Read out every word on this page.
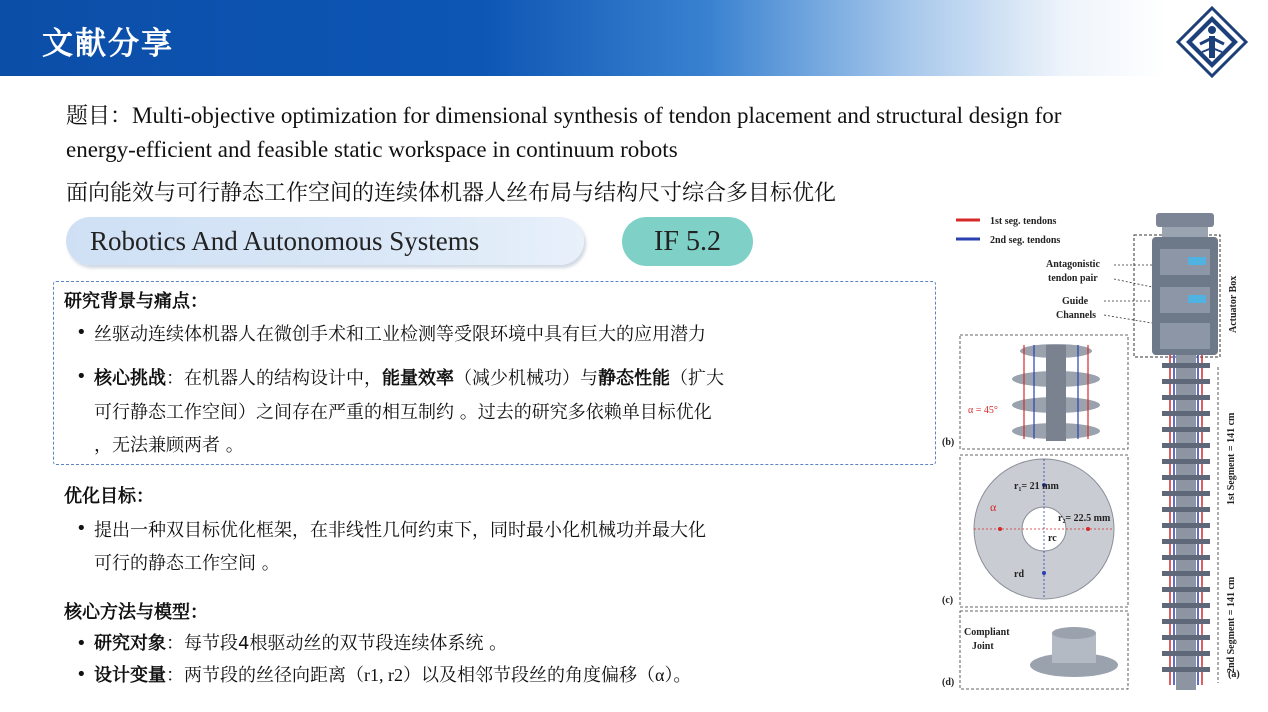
文献分享
题目：Multi-objective optimization for dimensional synthesis of tendon placement and structural design for
energy-efficient and feasible static workspace in continuum robots
面向能效与可行静态工作空间的连续体机器人丝布局与结构尺寸综合多目标优化
Robotics And Autonomous Systems	IF 5.2
研究背景与痛点：
• 丝驱动连续体机器人在微创手术和工业检测等受限环境中具有巨大的应用潜力
• 核心挑战：在机器人的结构设计中，能量效率（减少机械功）与静态性能（扩大
可行静态工作空间）之间存在严重的相互制约 。过去的研究多依赖单目标优化
，无法兼顾两者 。
优化目标：
• 提出一种双目标优化框架，在非线性几何约束下，同时最小化机械功并最大化
可行的静态工作空间 。
核心方法与模型：
• 研究对象：每节段4根驱动丝的双节段连续体系统 。
• 设计变量：两节段的丝径向距离（r1, r2）以及相邻节段丝的角度偏移（α）。
1st seg. tendons
2nd seg. tendons
Antagonistic
tendon pair
Guide
Channels	Actuator Box
1st Segment = 141 cm
2nd Segment = 141 cm
(a)
α = 45°
(b)
r₁= 21 mm
r₂= 22.5 mm
rc
rd
α
(c)
Compliant
Joint
(d)
